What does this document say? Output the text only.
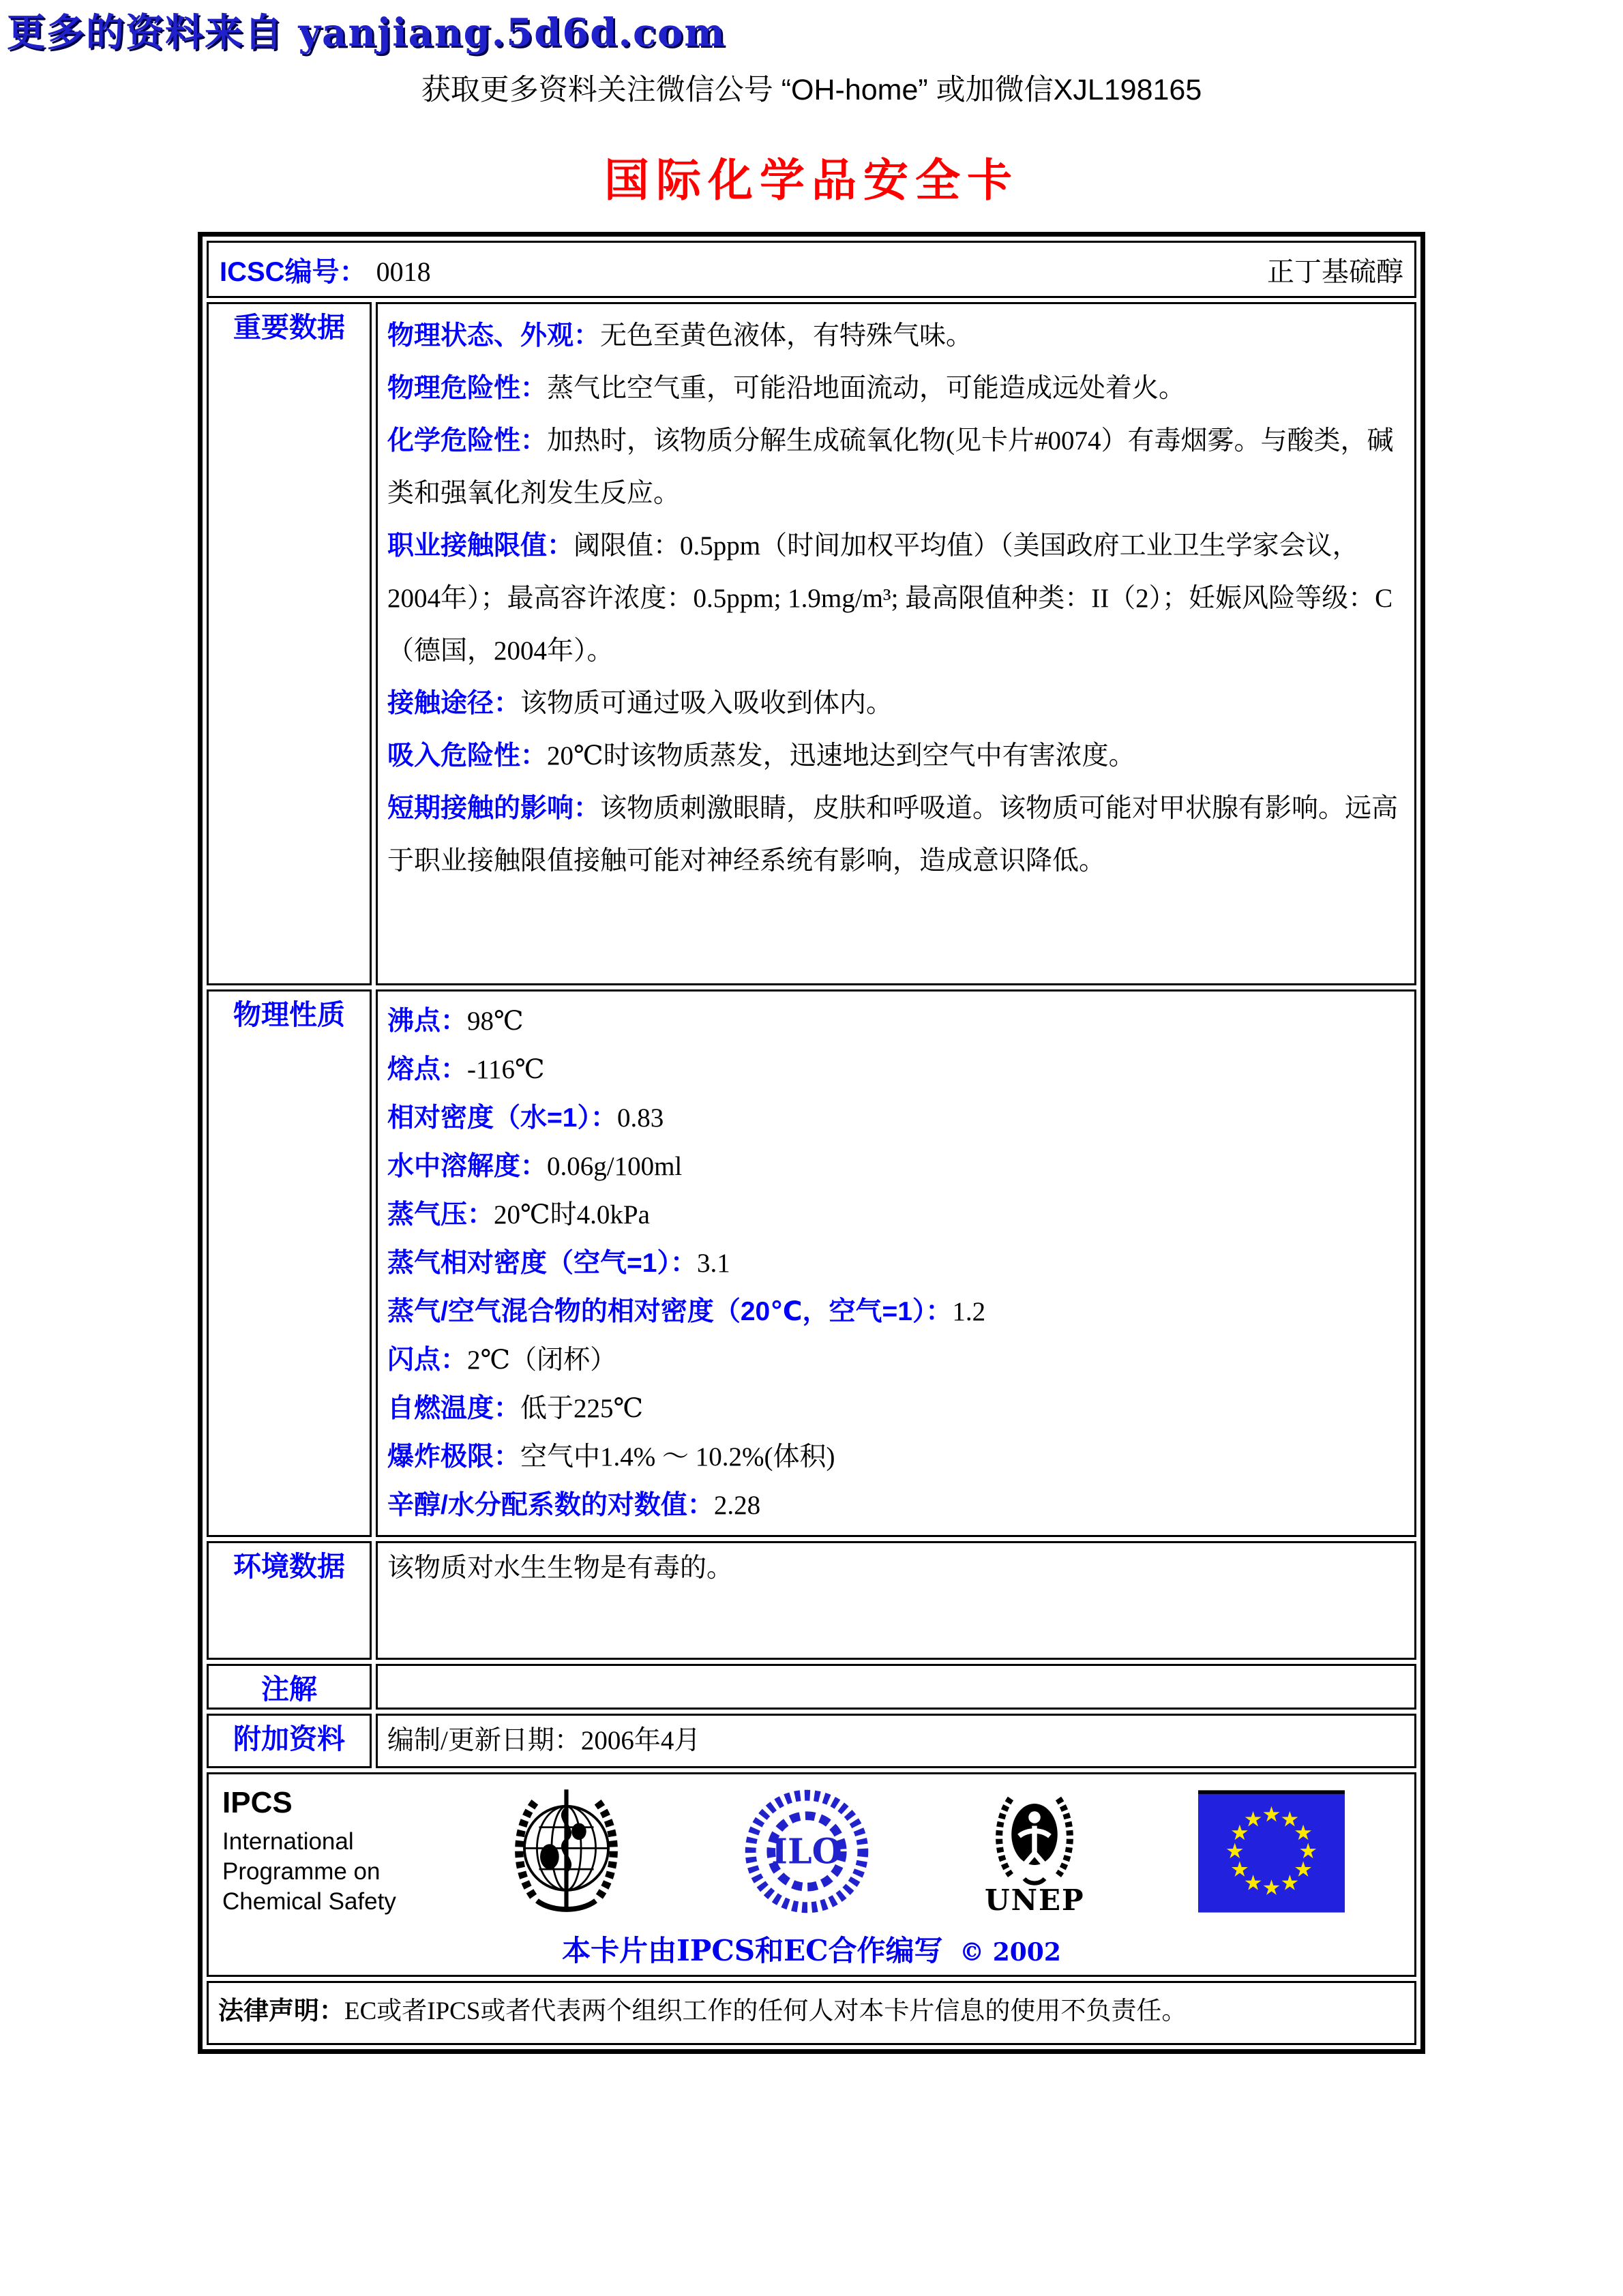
更多的资料来自 yanjiang.5d6d.com
获取更多资料关注微信公号 “OH-home” 或加微信XJL198165
国际化学品安全卡
ICSC编号： 0018 正丁基硫醇	

重要数据	物理状态、外观：无色至黄色液体，有特殊气味。

物理危险性：蒸气比空气重，可能沿地面流动，可能造成远处着火。

化学危险性：加热时，该物质分解生成硫氧化物(见卡片#0074）有毒烟雾。与酸类，碱类和强氧化剂发生反应。

职业接触限值：阈限值：0.5ppm（时间加权平均值）（美国政府工业卫生学家会议，2004年）；最高容许浓度：0.5ppm; 1.9mg/m³; 最高限值种类：II（2）；妊娠风险等级：C（德国，2004年）。

接触途径：该物质可通过吸入吸收到体内。

吸入危险性：20℃时该物质蒸发，迅速地达到空气中有害浓度。

短期接触的影响：该物质刺激眼睛，皮肤和呼吸道。该物质可能对甲状腺有影响。远高于职业接触限值接触可能对神经系统有影响，造成意识降低。

物理性质	沸点：98℃

熔点：-116℃

相对密度（水=1）：0.83

水中溶解度：0.06g/100ml

蒸气压：20℃时4.0kPa

蒸气相对密度（空气=1）：3.1

蒸气/空气混合物的相对密度（20℃，空气=1）：1.2

闪点：2℃（闭杯）

自燃温度：低于225℃

爆炸极限：空气中1.4% ～ 10.2%(体积)

辛醇/水分配系数的对数值：2.28

环境数据	该物质对水生生物是有毒的。

注解	
附加资料	编制/更新日期：2006年4月

IPCS
International
Programme on
Chemical Safety
ILO
UNEP
本卡片由IPCS和EC合作编写 © 2002

法律声明：EC或者IPCS或者代表两个组织工作的任何人对本卡片信息的使用不负责任。	
